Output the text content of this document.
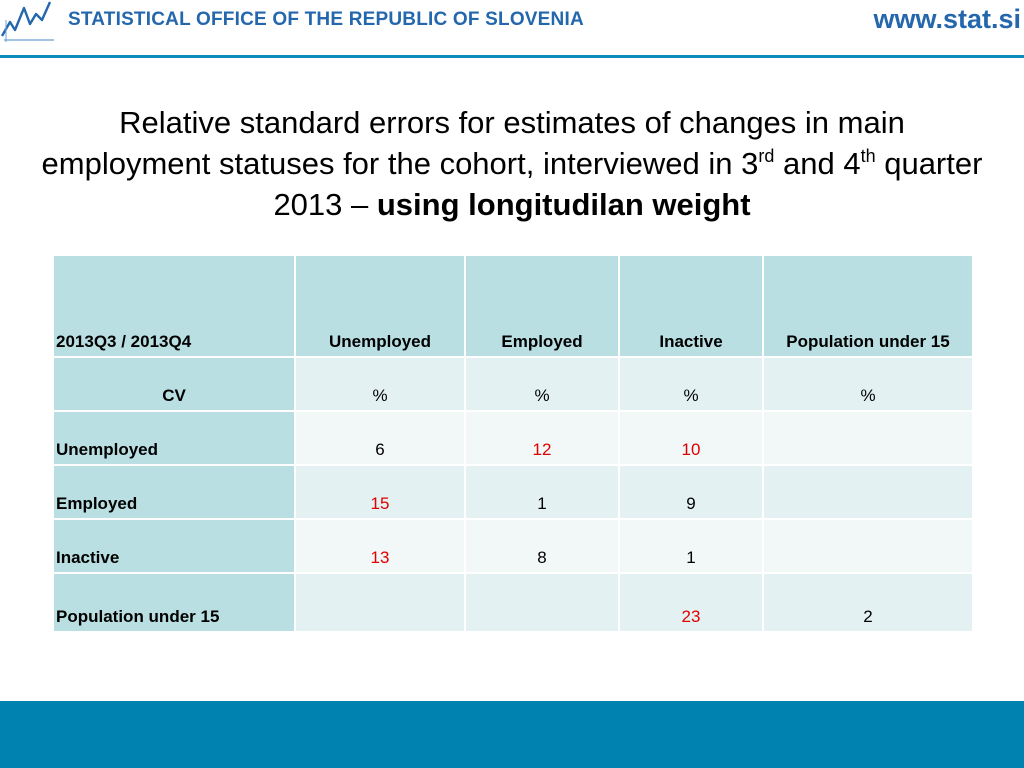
STATISTICAL OFFICE OF THE REPUBLIC OF SLOVENIA	www.stat.si
Relative standard errors for estimates of changes in main employment statuses for the cohort, interviewed in 3rd and 4th quarter 2013 – using longitudilan weight
2013Q3 / 2013Q4	Unemployed	Employed	Inactive	Population under 15
CV	%	%	%	%
Unemployed	6	12	10	
Employed	15	1	9	
Inactive	13	8	1	
Population under 15			23	2
